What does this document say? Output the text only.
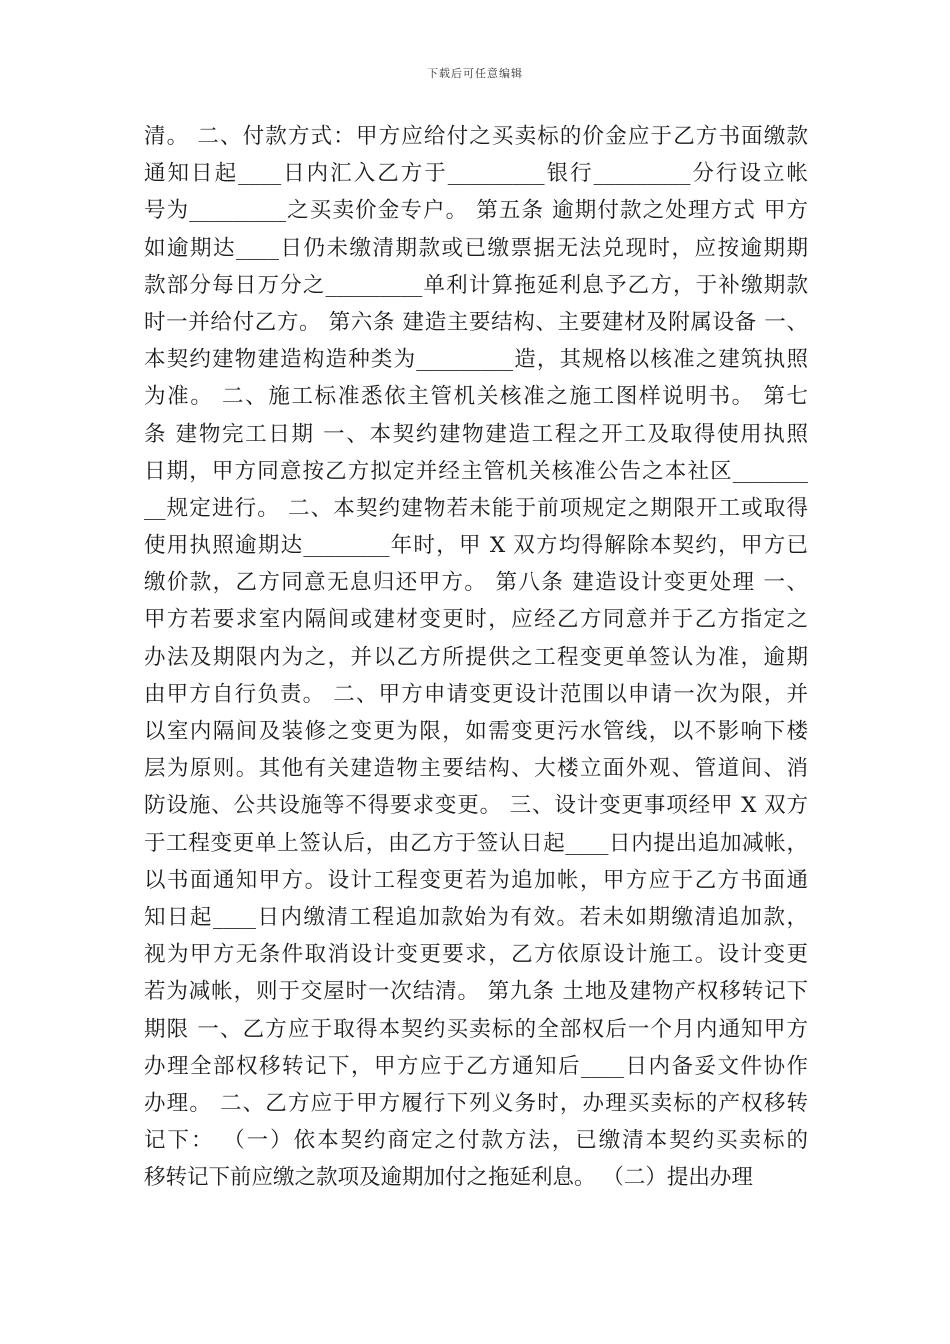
下载后可任意编辑
清。 二、付款方式：甲方应给付之买卖标的价金应于乙方书面缴款
通知日起____日内汇入乙方于_________银行_________分行设立帐
号为_________之买卖价金专户。 第五条 逾期付款之处理方式 甲方
如逾期达____日仍未缴清期款或已缴票据无法兑现时，应按逾期期
款部分每日万分之_________单利计算拖延利息予乙方，于补缴期款
时一并给付乙方。 第六条 建造主要结构、主要建材及附属设备 一、
本契约建物建造构造种类为_________造，其规格以核准之建筑执照
为准。 二、施工标准悉依主管机关核准之施工图样说明书。 第七
条 建物完工日期 一、本契约建物建造工程之开工及取得使用执照
日期，甲方同意按乙方拟定并经主管机关核准公告之本社区_______
__规定进行。 二、本契约建物若未能于前项规定之期限开工或取得
使用执照逾期达________年时，甲 X 双方均得解除本契约，甲方已
缴价款，乙方同意无息归还甲方。 第八条 建造设计变更处理 一、
甲方若要求室内隔间或建材变更时，应经乙方同意并于乙方指定之
办法及期限内为之，并以乙方所提供之工程变更单签认为准，逾期
由甲方自行负责。 二、甲方申请变更设计范围以申请一次为限，并
以室内隔间及装修之变更为限，如需变更污水管线，以不影响下楼
层为原则。其他有关建造物主要结构、大楼立面外观、管道间、消
防设施、公共设施等不得要求变更。 三、设计变更事项经甲 X 双方
于工程变更单上签认后，由乙方于签认日起____日内提出追加减帐，
以书面通知甲方。设计工程变更若为追加帐，甲方应于乙方书面通
知日起____日内缴清工程追加款始为有效。若未如期缴清追加款，
视为甲方无条件取消设计变更要求，乙方依原设计施工。设计变更
若为减帐，则于交屋时一次结清。 第九条 土地及建物产权移转记下
期限 一、乙方应于取得本契约买卖标的全部权后一个月内通知甲方
办理全部权移转记下，甲方应于乙方通知后____日内备妥文件协作
办理。 二、乙方应于甲方履行下列义务时，办理买卖标的产权移转
记下： （一）依本契约商定之付款方法，已缴清本契约买卖标的
移转记下前应缴之款项及逾期加付之拖延利息。 （二）提出办理
